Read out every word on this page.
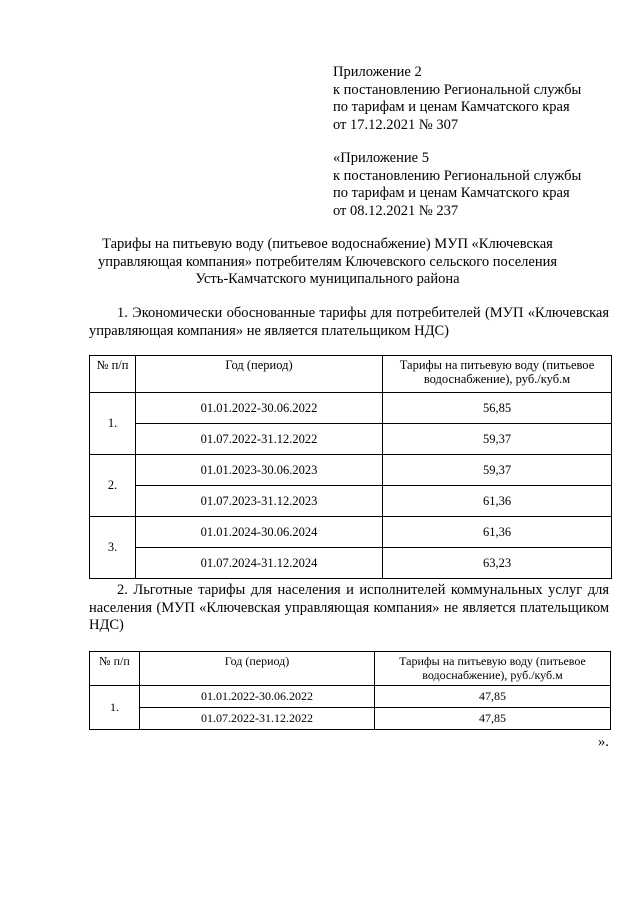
Приложение 2
к постановлению Региональной службы
по тарифам и ценам Камчатского края
от 17.12.2021 № 307
«Приложение 5
к постановлению Региональной службы
по тарифам и ценам Камчатского края
от 08.12.2021 № 237
Тарифы на питьевую воду (питьевое водоснабжение) МУП «Ключевская
управляющая компания» потребителям Ключевского сельского поселения
Усть-Камчатского муниципального района
1. Экономически обоснованные тарифы для потребителей (МУП «Ключевская управляющая компания» не является плательщиком НДС)
№ п/п	Год (период)	Тарифы на питьевую воду (питьевое водоснабжение), руб./куб.м
1.	01.01.2022-30.06.2022	56,85
	01.07.2022-31.12.2022	59,37
2.	01.01.2023-30.06.2023	59,37
	01.07.2023-31.12.2023	61,36
3.	01.01.2024-30.06.2024	61,36
	01.07.2024-31.12.2024	63,23
2. Льготные тарифы для населения и исполнителей коммунальных услуг для населения (МУП «Ключевская управляющая компания» не является плательщиком НДС)
№ п/п	Год (период)	Тарифы на питьевую воду (питьевое водоснабжение), руб./куб.м
1.	01.01.2022-30.06.2022	47,85
	01.07.2022-31.12.2022	47,85
».
